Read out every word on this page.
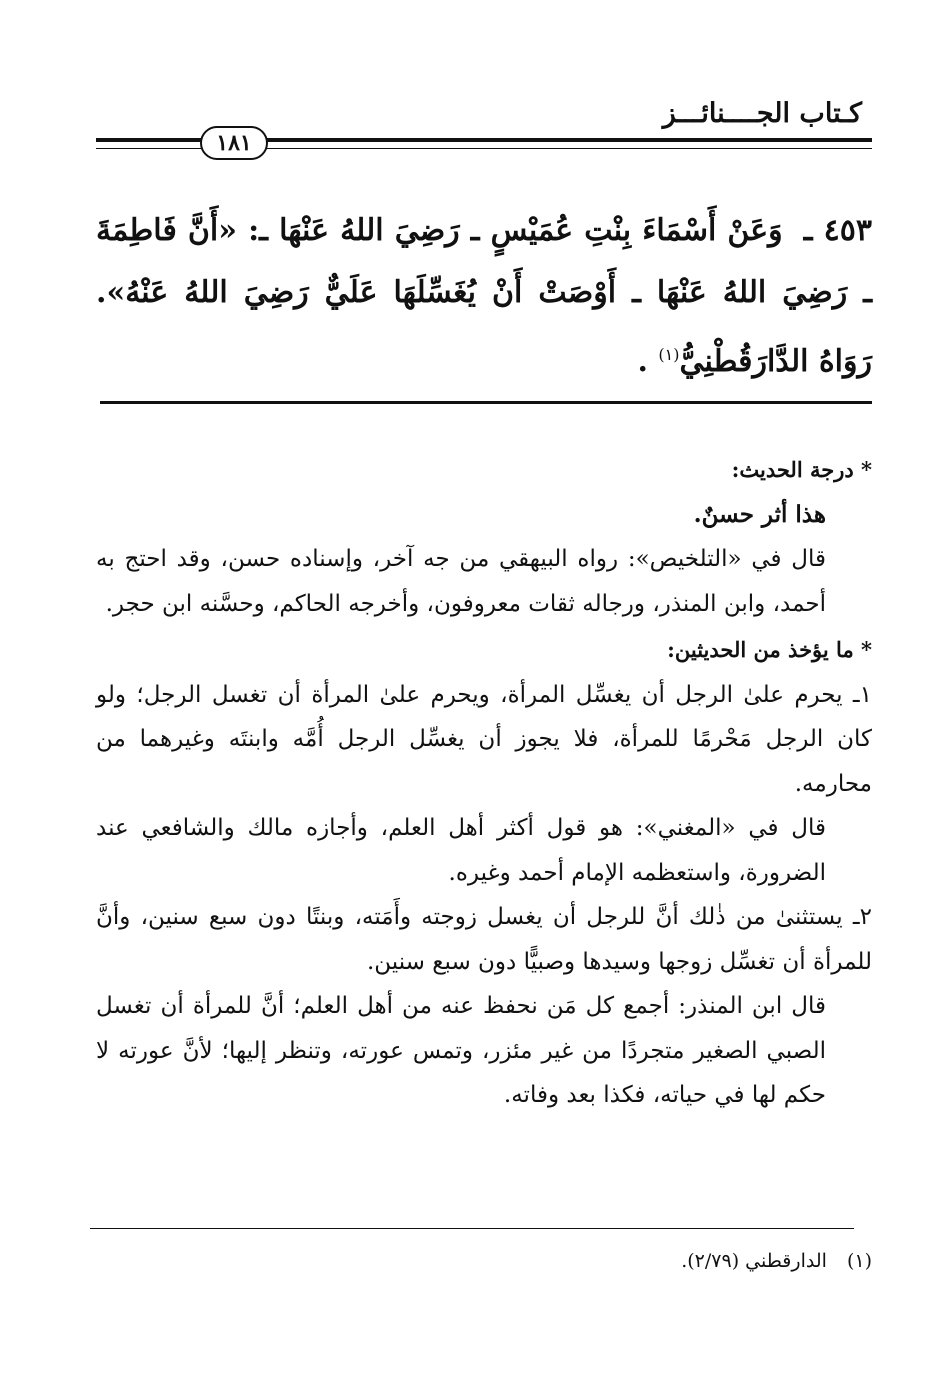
كـتاب الجــــنائـــز
١٨١
٤٥٣ ـ وَعَنْ أَسْمَاءَ بِنْتِ عُمَيْسٍ ـ رَضِيَ اللهُ عَنْهَا ـ: «أَنَّ فَاطِمَةَ ـ رَضِيَ اللهُ عَنْهَا ـ أَوْصَتْ أَنْ يُغَسِّلَهَا عَلَيٌّ رَضِيَ اللهُ عَنْهُ». رَوَاهُ الدَّارَقُطْنِيُّ$^{(١)}$ .

* درجة الحديث:

هذا أثر حسنٌ.

قال في «التلخيص»: رواه البيهقي من جه آخر، وإسناده حسن، وقد احتج به أحمد، وابن المنذر، ورجاله ثقات معروفون، وأخرجه الحاكم، وحسَّنه ابن حجر.

* ما يؤخذ من الحديثين:

١ـ يحرم علىٰ الرجل أن يغسِّل المرأة، ويحرم علىٰ المرأة أن تغسل الرجل؛ ولو كان الرجل مَحْرمًا للمرأة، فلا يجوز أن يغسِّل الرجل أُمَّه وابنتَه وغيرهما من محارمه.

قال في «المغني»: هو قول أكثر أهل العلم، وأجازه مالك والشافعي عند الضرورة، واستعظمه الإمام أحمد وغيره.

٢ـ يستثنىٰ من ذٰلك أنَّ للرجل أن يغسل زوجته وأَمَته، وبنتًا دون سبع سنين، وأنَّ للمرأة أن تغسِّل زوجها وسيدها وصبيًّا دون سبع سنين.

قال ابن المنذر: أجمع كل مَن نحفظ عنه من أهل العلم؛ أنَّ للمرأة أن تغسل الصبي الصغير متجردًا من غير مئزر، وتمس عورته، وتنظر إليها؛ لأنَّ عورته لا حكم لها في حياته، فكذا بعد وفاته.

(١) الدارقطني (٢/٧٩).
